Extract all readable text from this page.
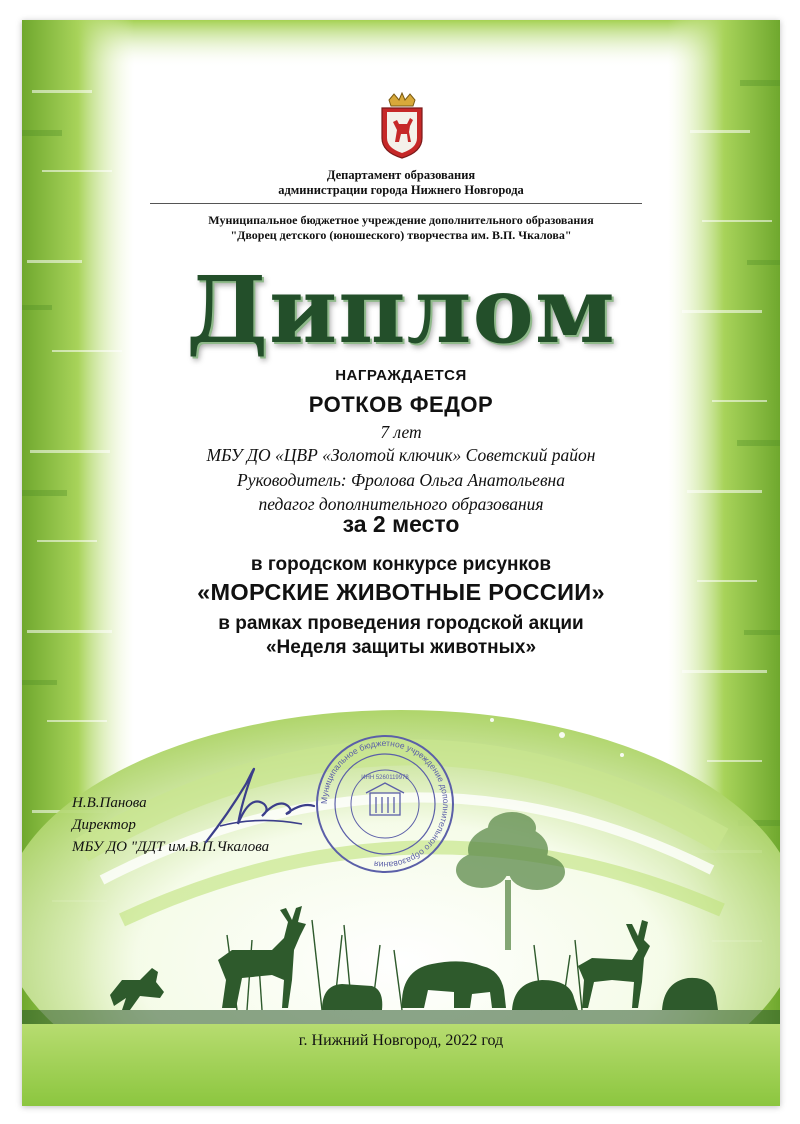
Департамент образования
администрации города Нижнего Новгорода
Муниципальное бюджетное учреждение дополнительного образования
"Дворец детского (юношеского) творчества им. В.П. Чкалова"
Диплом
НАГРАЖДАЕТСЯ
РОТКОВ ФЕДОР
7 лет
МБУ ДО «ЦВР «Золотой ключик» Советский район
Руководитель: Фролова Ольга Анатольевна
педагог дополнительного образования
за 2 место
в городском конкурсе рисунков
«МОРСКИЕ ЖИВОТНЫЕ РОССИИ»
в рамках проведения городской акции
«Неделя защиты животных»
Н.В.Панова
Директор
МБУ ДО "ДДТ им.В.П.Чкалова
Муниципальное бюджетное учреждение дополнительного образования
ИНН 5260119978
г. Нижний Новгород, 2022 год
